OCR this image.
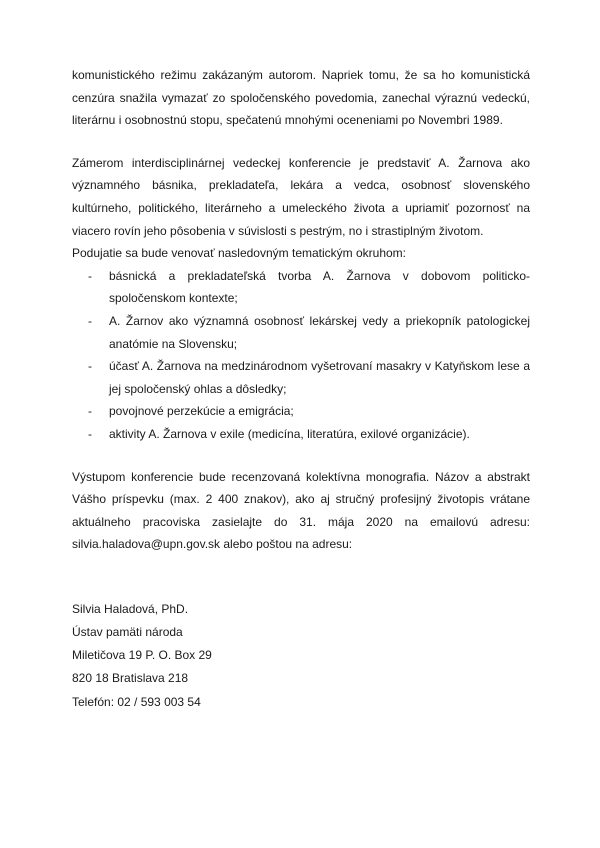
komunistického režimu zakázaným autorom. Napriek tomu, že sa ho komunistická cenzúra snažila vymazať zo spoločenského povedomia, zanechal výraznú vedeckú, literárnu i osobnostnú stopu, spečatenú mnohými oceneniami po Novembri 1989.

Zámerom interdisciplinárnej vedeckej konferencie je predstaviť A. Žarnova ako významného básnika, prekladateľa, lekára a vedca, osobnosť slovenského kultúrneho, politického, literárneho a umeleckého života a upriamiť pozornosť na viacero rovín jeho pôsobenia v súvislosti s pestrým, no i strastiplným životom.

Podujatie sa bude venovať nasledovným tematickým okruhom:

- básnická a prekladateľská tvorba A. Žarnova v dobovom politicko-spoločenskom kontexte;
- A. Žarnov ako významná osobnosť lekárskej vedy a priekopník patologickej anatómie na Slovensku;
- účasť A. Žarnova na medzinárodnom vyšetrovaní masakry v Katyňskom lese a jej spoločenský ohlas a dôsledky;
- povojnové perzekúcie a emigrácia;
- aktivity A. Žarnova v exile (medicína, literatúra, exilové organizácie).

Výstupom konferencie bude recenzovaná kolektívna monografia. Názov a abstrakt Vášho príspevku (max. 2 400 znakov), ako aj stručný profesijný životopis vrátane aktuálneho pracoviska zasielajte do 31. mája 2020 na emailovú adresu: silvia.haladova@upn.gov.sk alebo poštou na adresu:

Silvia Haladová, PhD.

Ústav pamäti národa

Miletičova 19 P. O. Box 29

820 18 Bratislava 218

Telefón: 02 / 593 003 54
